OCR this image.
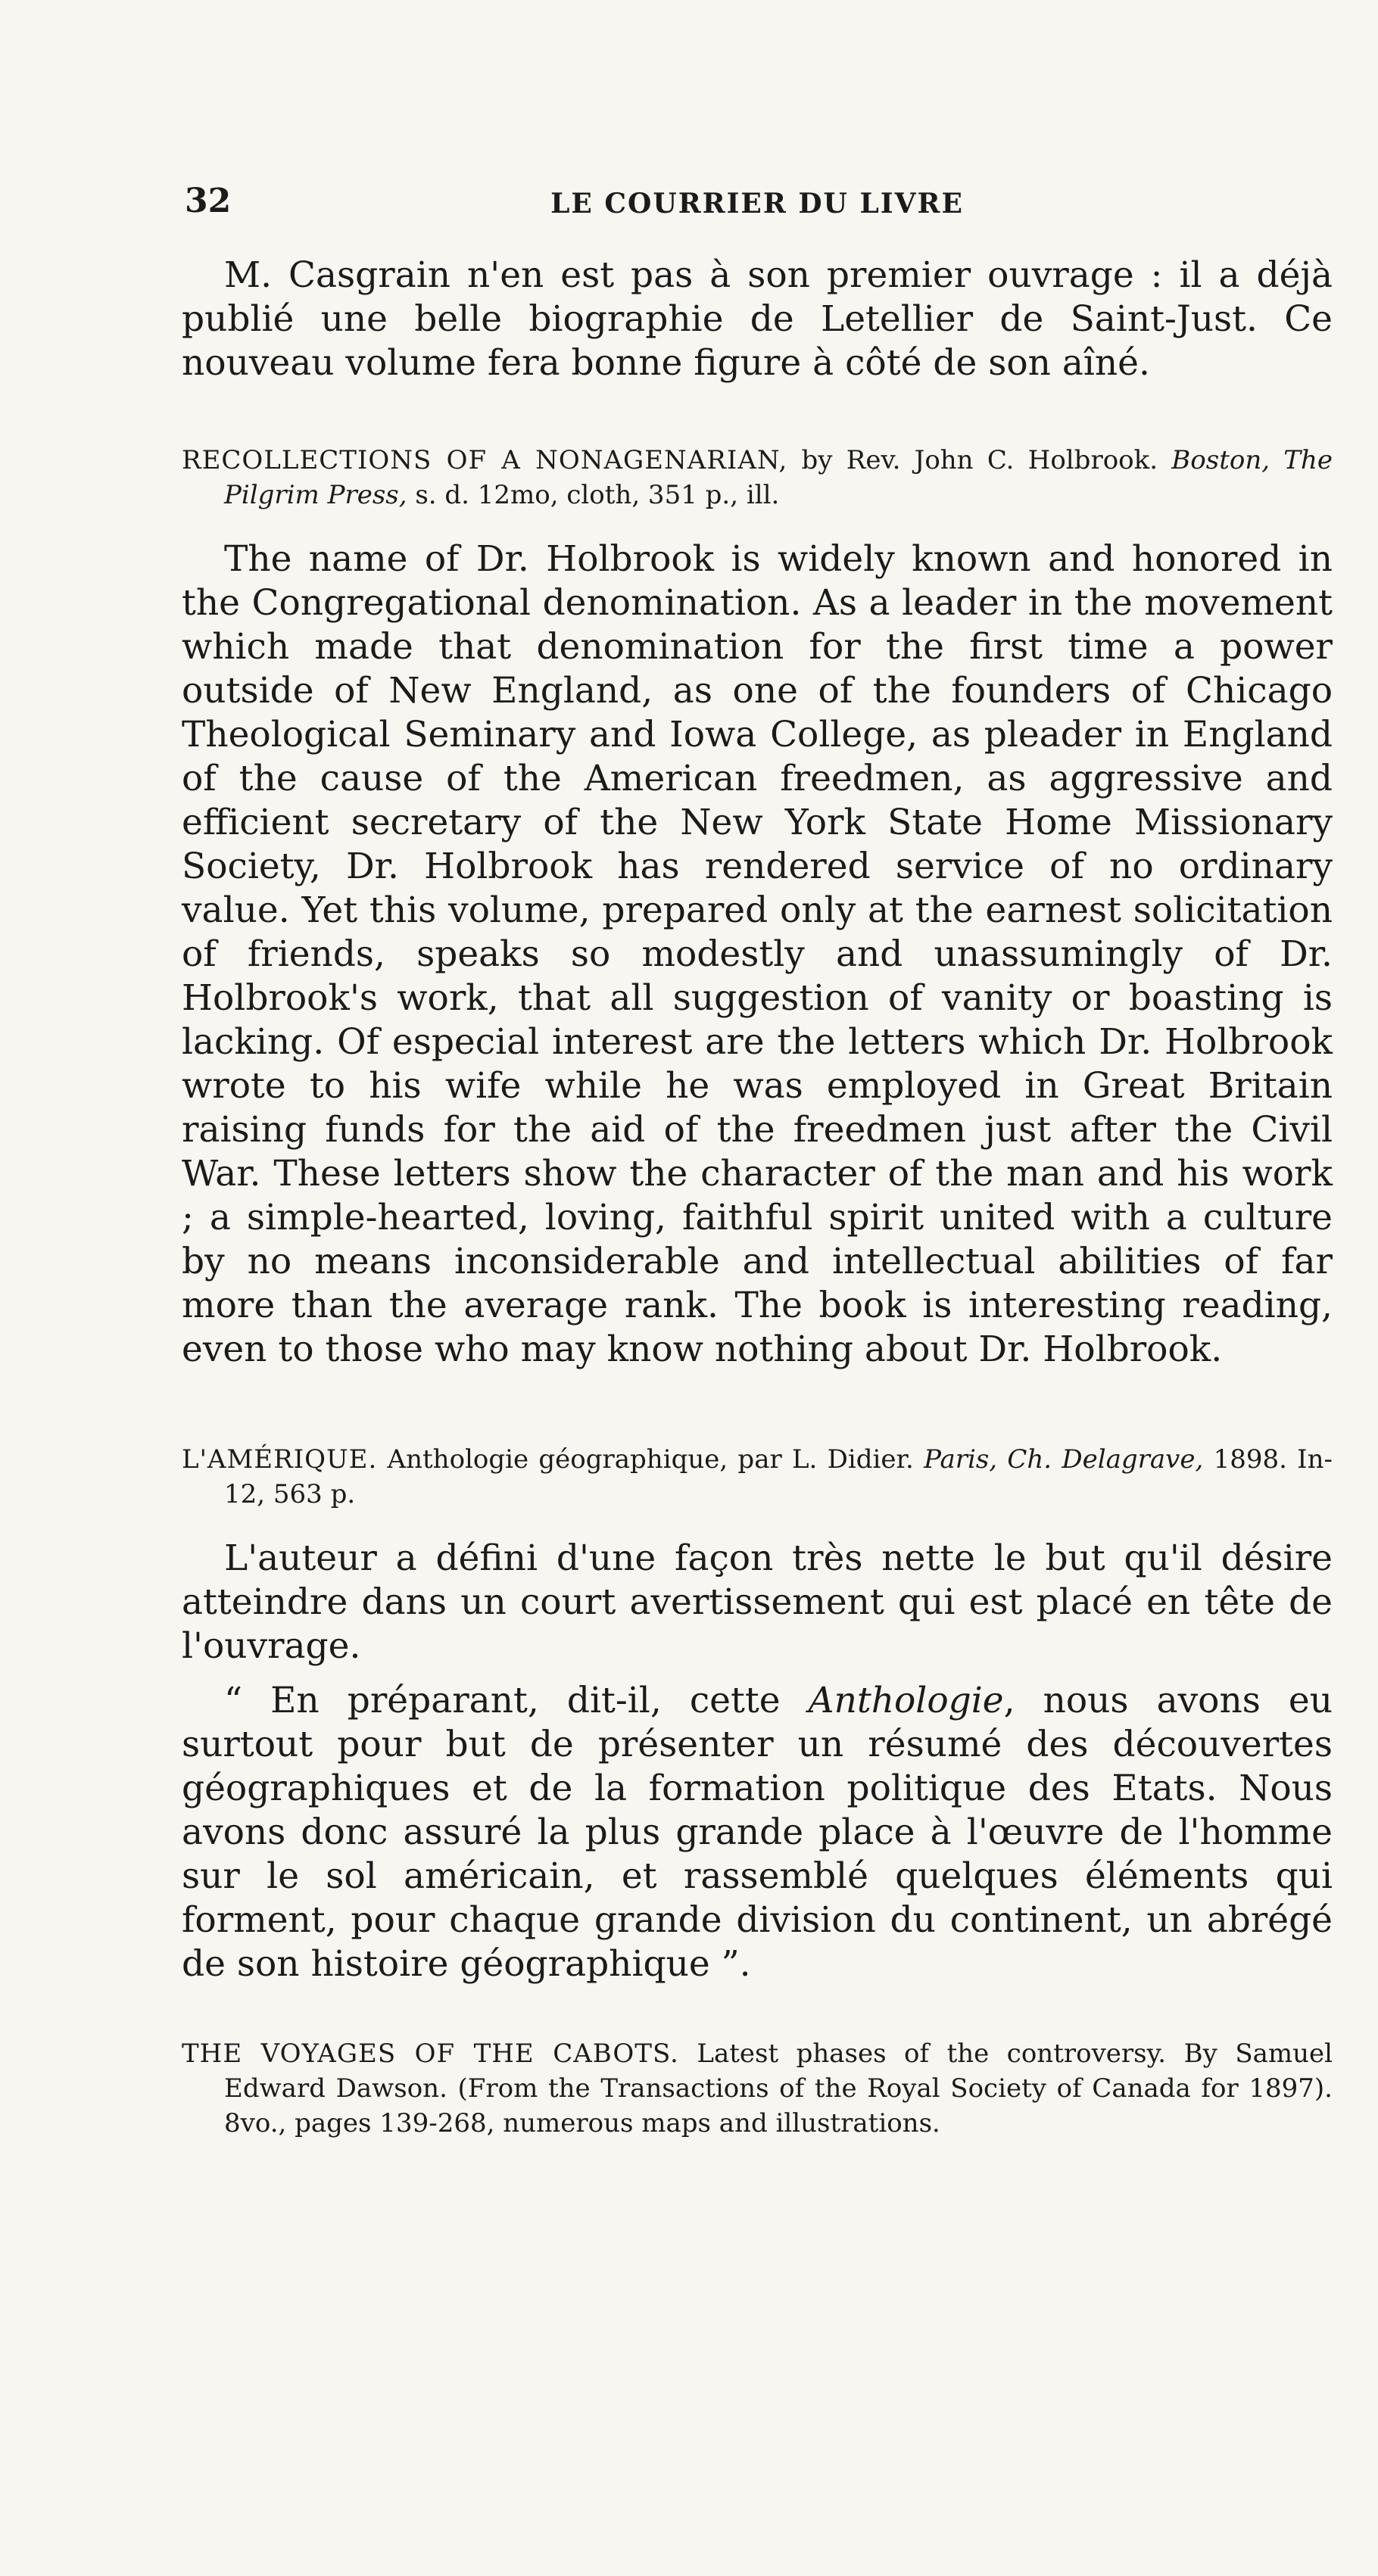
32	LE COURRIER DU LIVRE

M. Casgrain n'en est pas à son premier ouvrage : il a déjà publié une belle biographie de Letellier de Saint-Just. Ce nouveau volume fera bonne figure à côté de son aîné.

RECOLLECTIONS OF A NONAGENARIAN, by Rev. John C. Holbrook. Boston, The Pilgrim Press, s. d. 12mo, cloth, 351 p., ill.

The name of Dr. Holbrook is widely known and honored in the Congregational denomination. As a leader in the movement which made that denomination for the first time a power outside of New England, as one of the founders of Chicago Theological Seminary and Iowa College, as pleader in England of the cause of the American freedmen, as aggressive and efficient secretary of the New York State Home Missionary Society, Dr. Holbrook has rendered service of no ordinary value. Yet this volume, prepared only at the earnest solicitation of friends, speaks so modestly and unassumingly of Dr. Holbrook's work, that all suggestion of vanity or boasting is lacking. Of especial interest are the letters which Dr. Holbrook wrote to his wife while he was employed in Great Britain raising funds for the aid of the freedmen just after the Civil War. These letters show the character of the man and his work ; a simple-hearted, loving, faithful spirit united with a culture by no means inconsiderable and intellectual abilities of far more than the average rank. The book is interesting reading, even to those who may know nothing about Dr. Holbrook.

L'AMÉRIQUE. Anthologie géographique, par L. Didier. Paris, Ch. Delagrave, 1898. In-12, 563 p.

L'auteur a défini d'une façon très nette le but qu'il désire atteindre dans un court avertissement qui est placé en tête de l'ouvrage.

“ En préparant, dit-il, cette Anthologie, nous avons eu surtout pour but de présenter un résumé des découvertes géographiques et de la formation politique des Etats. Nous avons donc assuré la plus grande place à l'œuvre de l'homme sur le sol américain, et rassemblé quelques éléments qui forment, pour chaque grande division du continent, un abrégé de son histoire géographique ”.

THE VOYAGES OF THE CABOTS. Latest phases of the controversy. By Samuel Edward Dawson. (From the Transactions of the Royal Society of Canada for 1897). 8vo., pages 139-268, numerous maps and illustrations.
